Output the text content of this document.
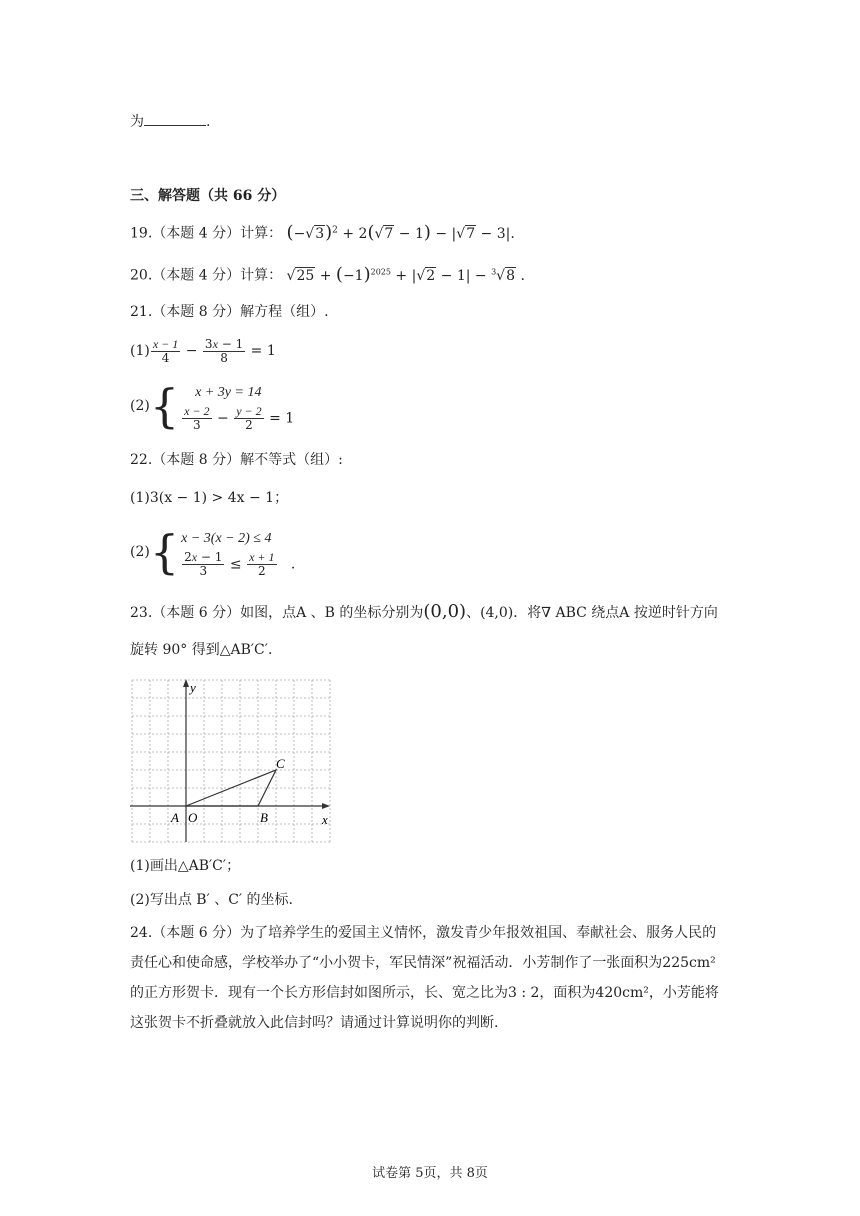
为	.
三、解答题（共 66 分）
19.（本题 4 分）计算： $(-√3)^2 + 2(√7 - 1) - |√7 - 3|$.
20.（本题 4 分）计算： $√25 + (-1)^{2025} + |√2 - 1| - ^3√8$ .
21.（本题 8 分）解方程（组）.
$(1) \frac{x - 1}{4} - \frac{3x - 1}{8} = 1$
(2){	x + 3y = 14
$\frac{x - 2}{3} - \frac{y - 2}{2} = 1$
22.（本题 8 分）解不等式（组）:
(1)3(x − 1) > 4x − 1；
(2){ x − 3(x − 2) ≤ 4
$\frac{2x - 1}{3} \le \frac{x + 1}{2}$ .
23.（本题 6 分）如图，点A 、B 的坐标分别为(0,0)、(4,0)．将∇ ABC 绕点A 按逆时针方向
旋转 90° 得到△AB′C′.
y
x
A O	B
C
(1)画出△AB′C′；
(2)写出点 B′ 、C′ 的坐标.
24.（本题 6 分）为了培养学生的爱国主义情怀，激发青少年报效祖国、奉献社会、服务人民的责任心和使命感，学校举办了“小小贺卡，军民情深”祝福活动．小芳制作了一张面积为225cm² 的正方形贺卡．现有一个长方形信封如图所示，长、宽之比为3 : 2，面积为420cm²，小芳能将这张贺卡不折叠就放入此信封吗？请通过计算说明你的判断.
试卷第 5页，共 8页
